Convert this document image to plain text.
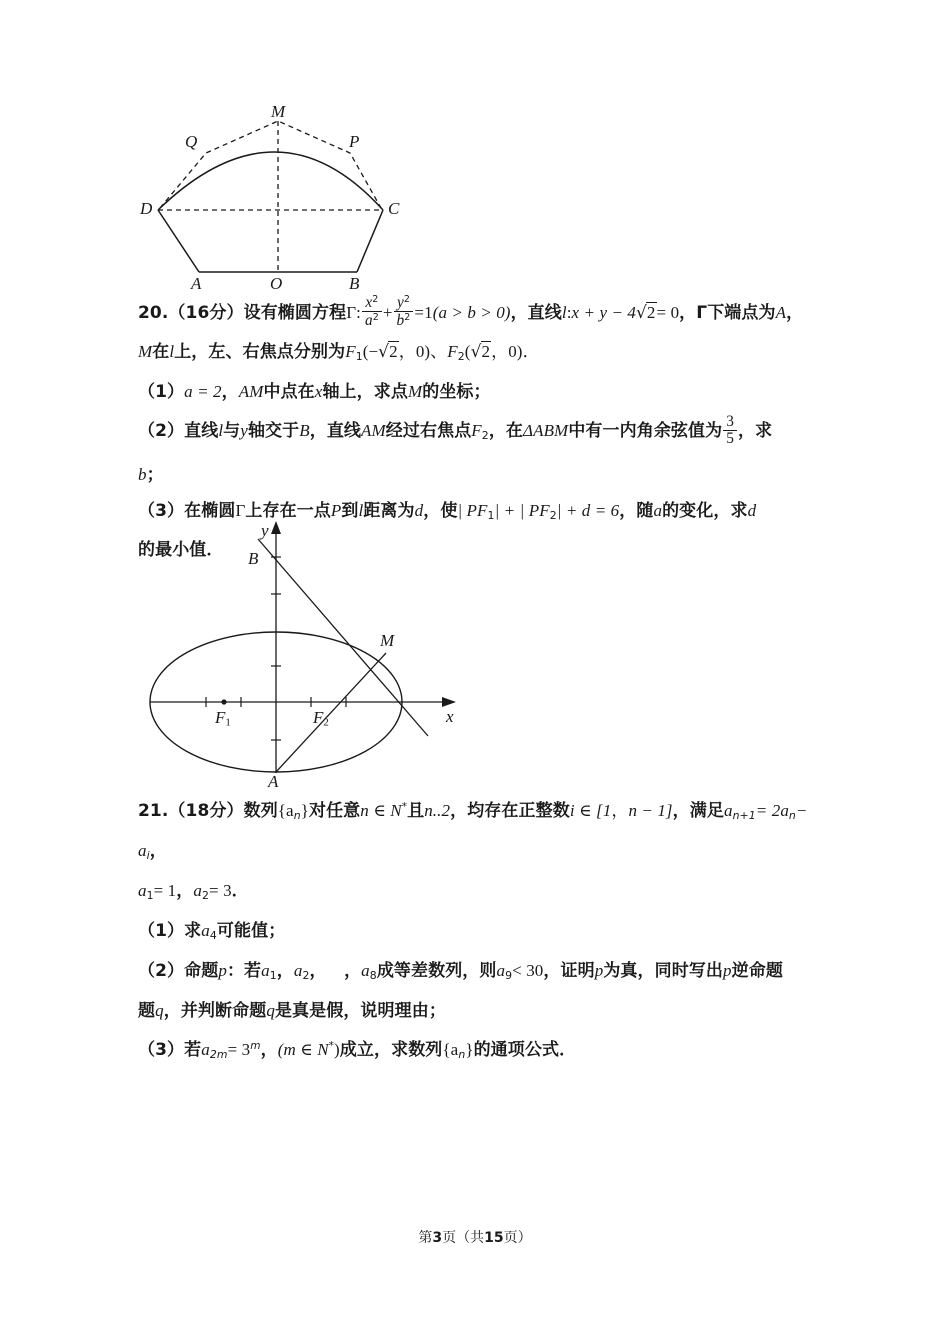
M
Q	P
D	C
A	O	B

20.（16分）设有椭圆方程Γ: $\frac{x^2}{a^2} + \frac{y^2}{b^2} =1(a > b > 0)$，直线l:x + y − 4√2= 0，Γ下端点为A，

M在l上，左、右焦点分别为F1(−√2，0)、F2(√2，0)．

（1）a = 2，AM中点在x轴上，求点M的坐标；

（2）直线l与y轴交于B，直线AM经过右焦点F2，在ΔABM中有一内角余弦值为 $\frac{3}{5}$ ，求

b；

（3）在椭圆Γ上存在一点P到l距离为d，使| PF1| + | PF2| + d = 6，随a的变化，求d

的最小值．

y
x
B
M
A
F1	F2

21.（18分）数列$\{a_n\}$对任意n ∈ N*且n..2，均存在正整数i ∈ [1，n − 1]，满足$a_{n+1}= 2a_n- a_i$，

a1= 1，a2= 3．

（1）求a4可能值；

（2）命题p：若a1，a2， ，a8成等差数列，则a9< 30，证明p为真，同时写出p逆命题

题q，并判断命题q是真是假，说明理由；

（3）若$a_{2m}= 3^m$，(m ∈ N*)成立，求数列$\{a_n\}$的通项公式．

第3页（共15页）
